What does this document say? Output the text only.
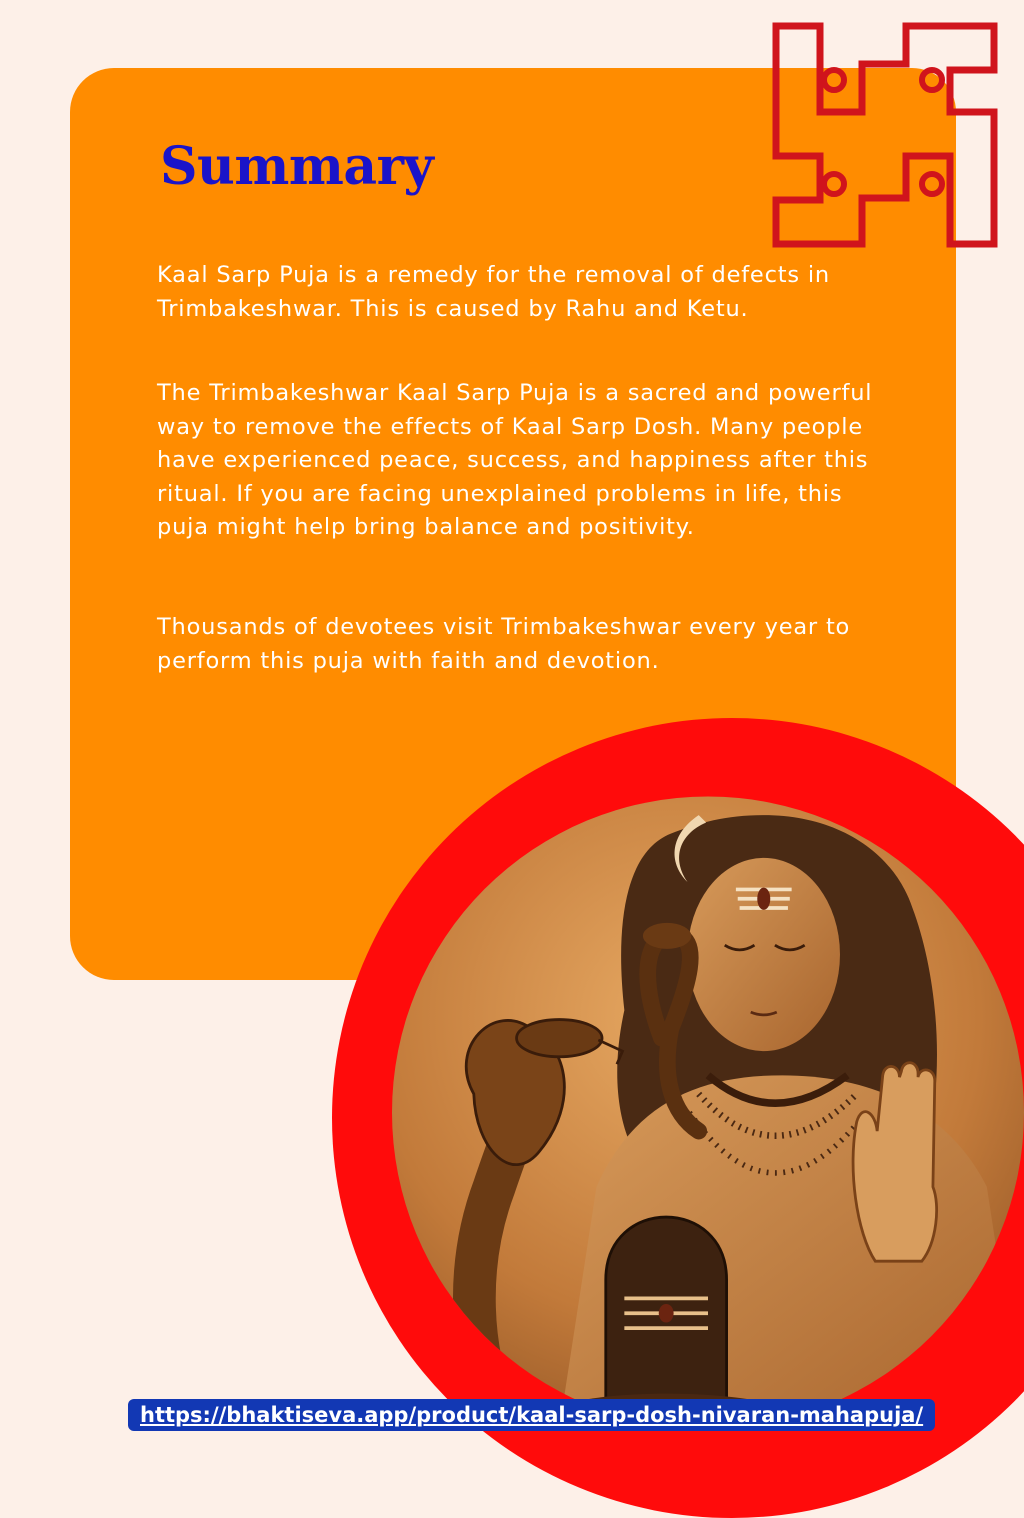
Summary

Kaal Sarp Puja is a remedy for the removal of defects in Trimbakeshwar. This is caused by Rahu and Ketu.

The Trimbakeshwar Kaal Sarp Puja is a sacred and powerful way to remove the effects of Kaal Sarp Dosh. Many people have experienced peace, success, and happiness after this ritual. If you are facing unexplained problems in life, this puja might help bring balance and positivity.

Thousands of devotees visit Trimbakeshwar every year to perform this puja with faith and devotion.

https://bhaktiseva.app/product/kaal-sarp-dosh-nivaran-mahapuja/
